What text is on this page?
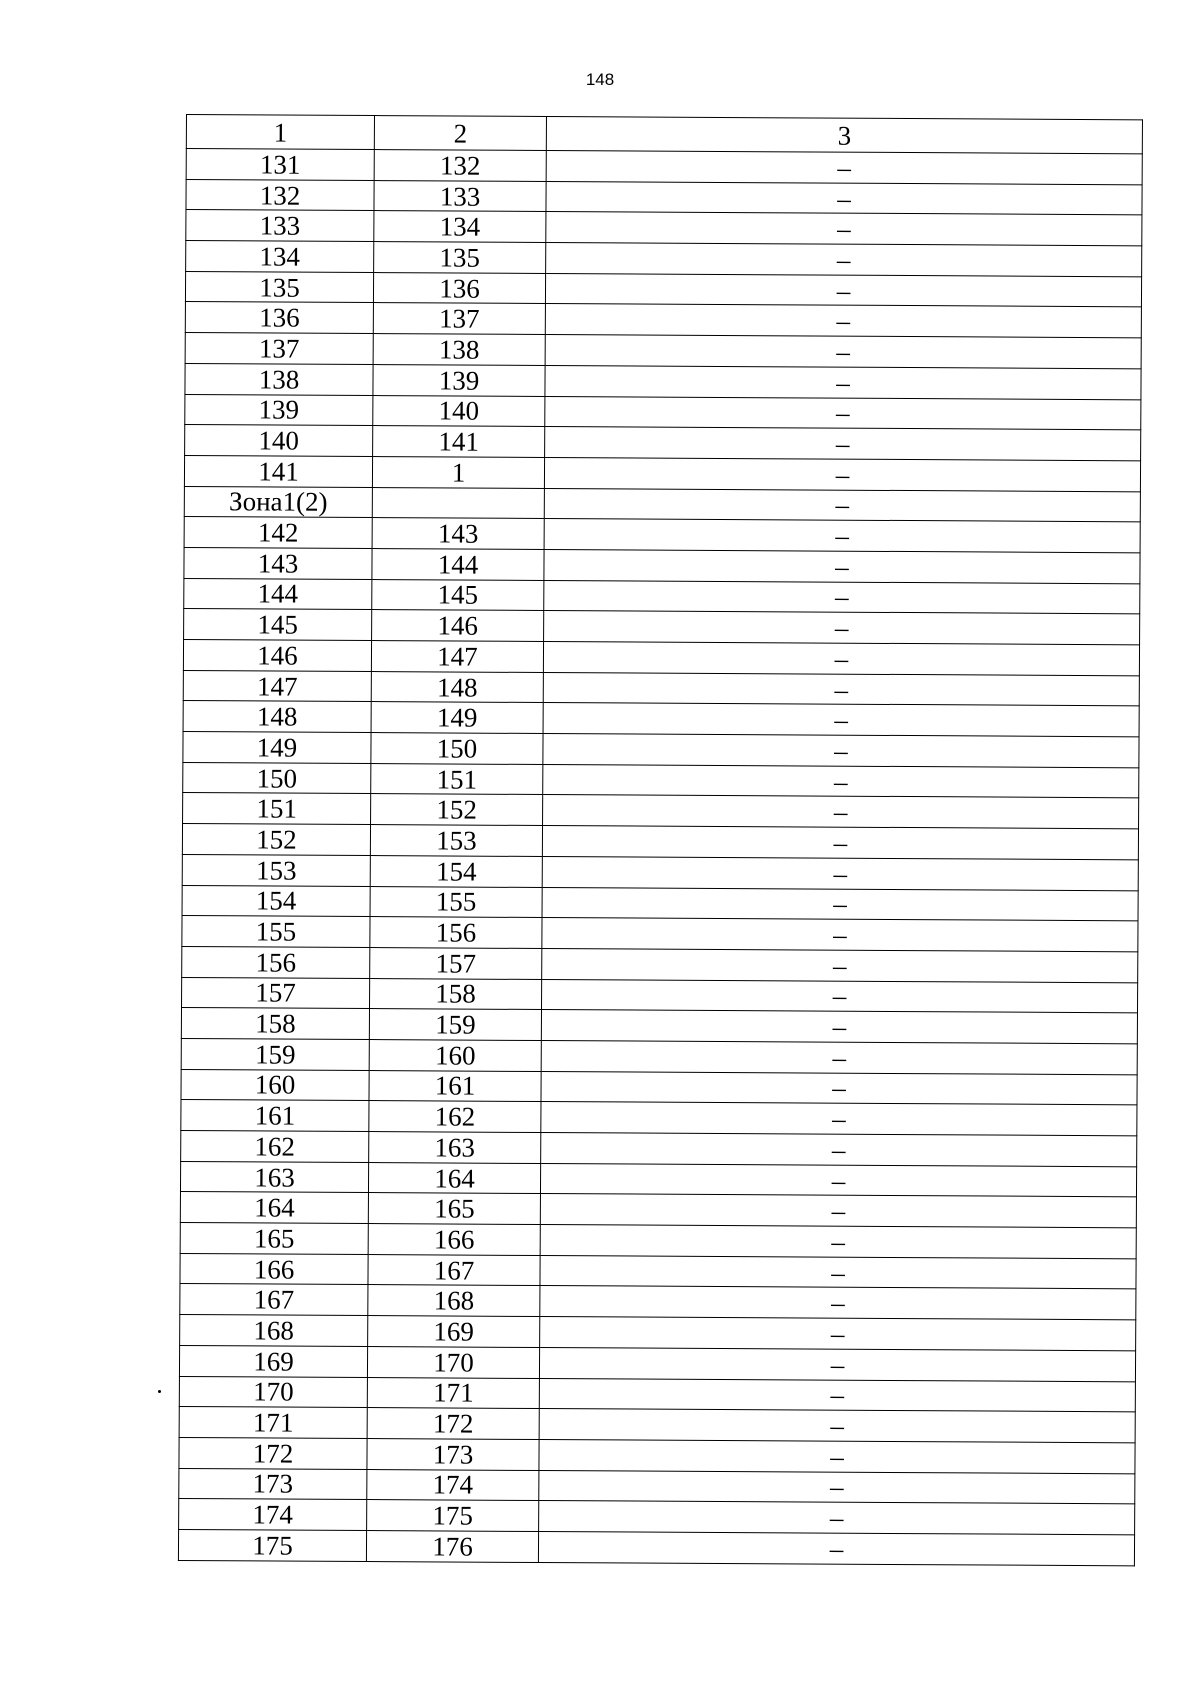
148
1	2	3
131	132	–
132	133	–
133	134	–
134	135	–
135	136	–
136	137	–
137	138	–
138	139	–
139	140	–
140	141	–
141	1	–
Зона1(2)		–
142	143	–
143	144	–
144	145	–
145	146	–
146	147	–
147	148	–
148	149	–
149	150	–
150	151	–
151	152	–
152	153	–
153	154	–
154	155	–
155	156	–
156	157	–
157	158	–
158	159	–
159	160	–
160	161	–
161	162	–
162	163	–
163	164	–
164	165	–
165	166	–
166	167	–
167	168	–
168	169	–
169	170	–
170	171	–
171	172	–
172	173	–
173	174	–
174	175	–
175	176	–
